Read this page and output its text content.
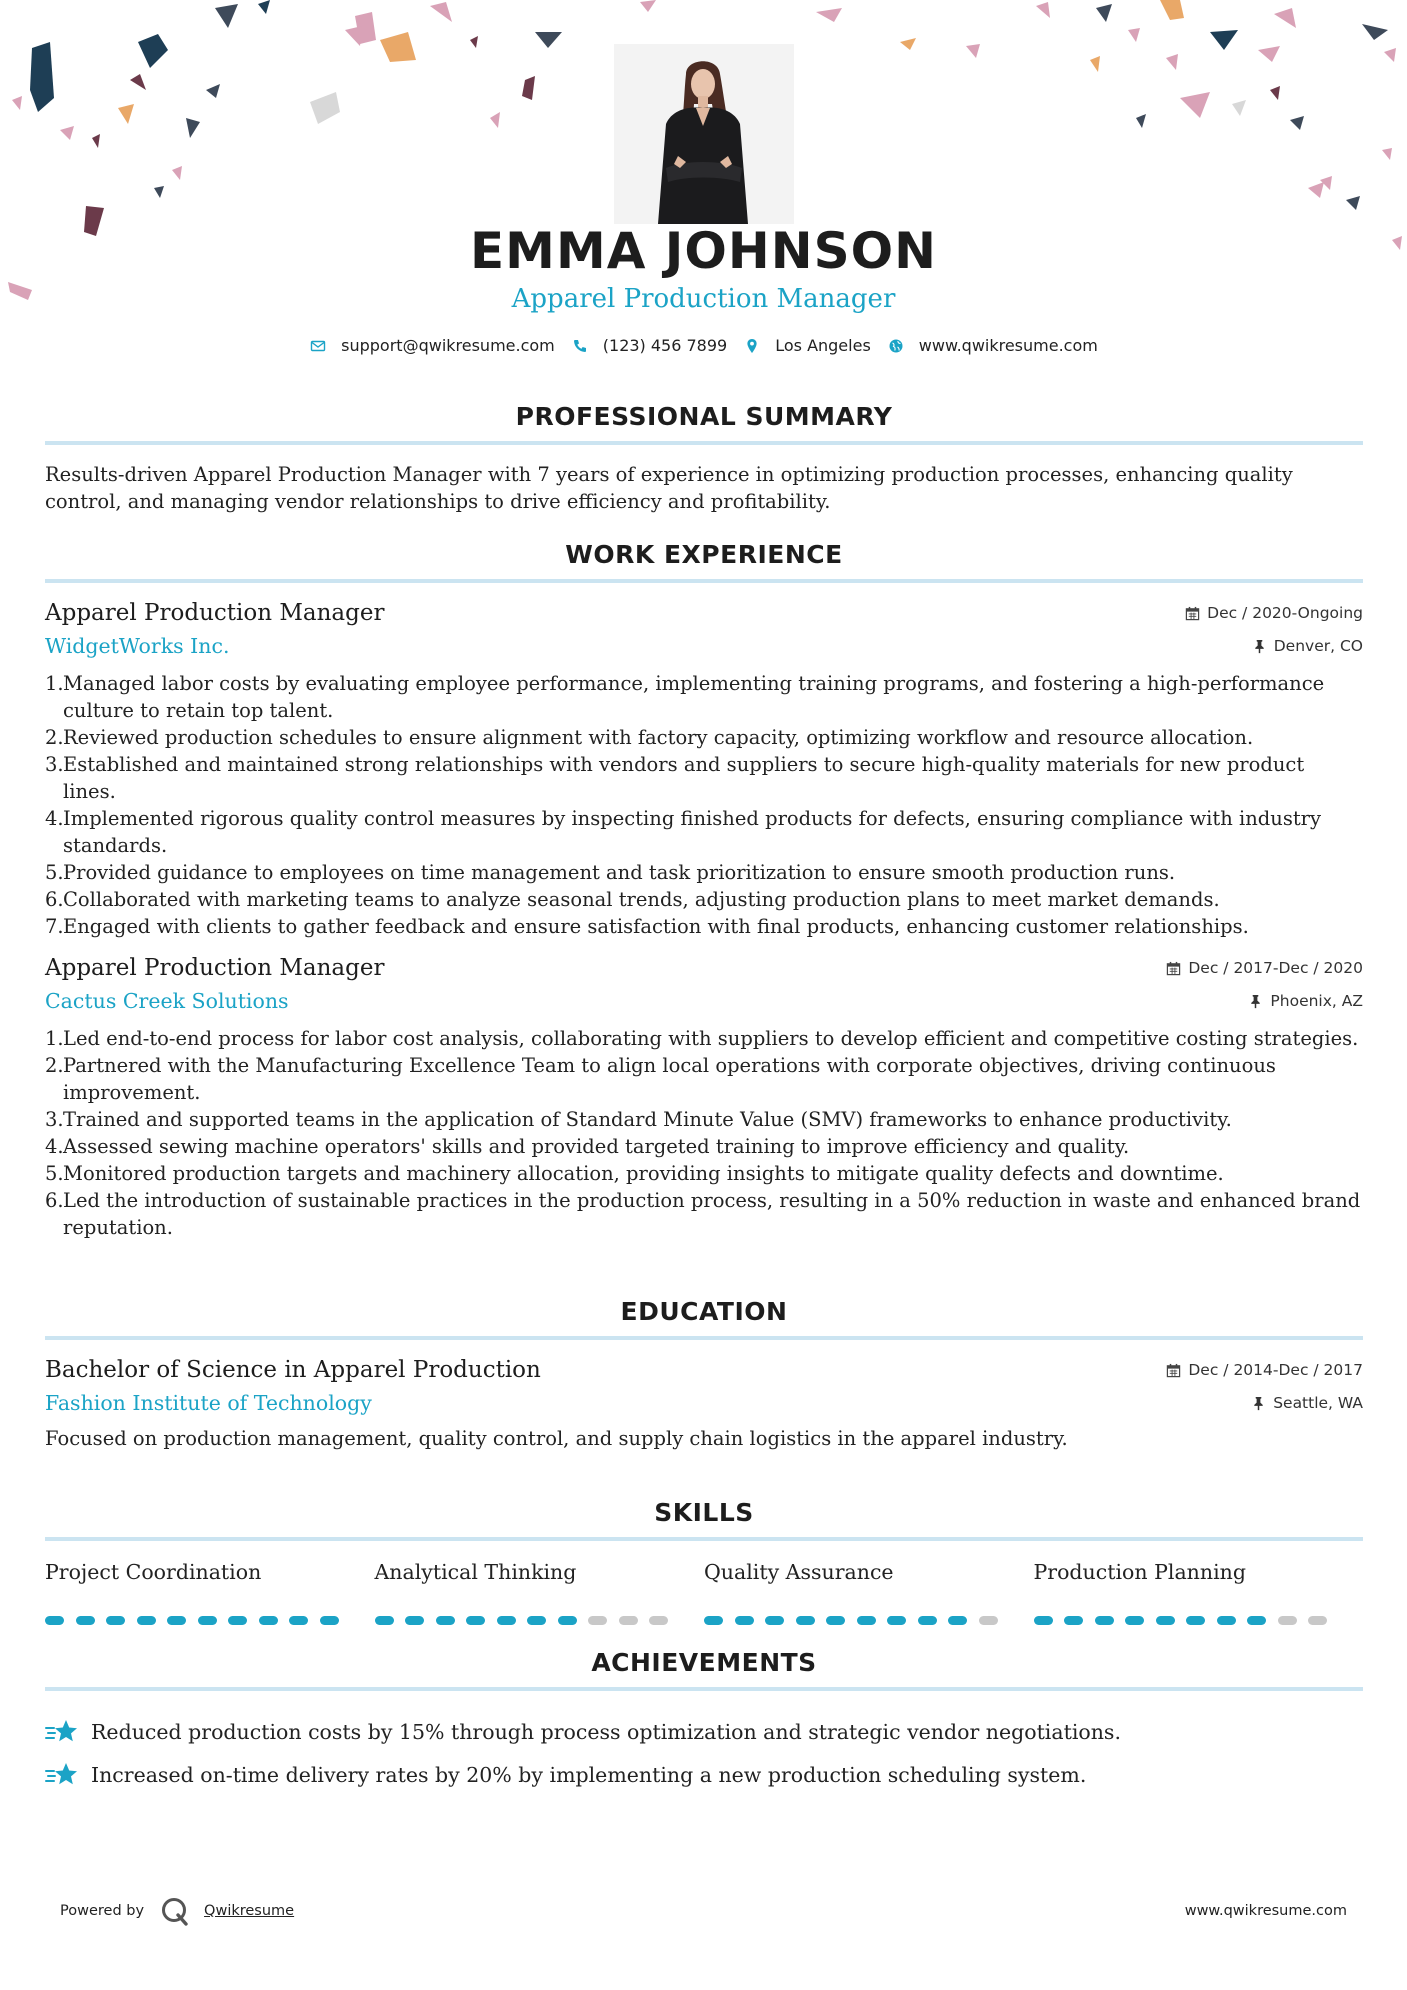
EMMA JOHNSON
Apparel Production Manager
support@qwikresume.com	(123) 456 7899	Los Angeles	www.qwikresume.com
PROFESSIONAL SUMMARY

Results-driven Apparel Production Manager with 7 years of experience in optimizing production processes, enhancing quality control, and managing vendor relationships to drive efficiency and profitability.

WORK EXPERIENCE
Apparel Production Manager	Dec / 2020-Ongoing
WidgetWorks Inc.	Denver, CO
1. Managed labor costs by evaluating employee performance, implementing training programs, and fostering a high-performance culture to retain top talent.
2. Reviewed production schedules to ensure alignment with factory capacity, optimizing workflow and resource allocation.
3. Established and maintained strong relationships with vendors and suppliers to secure high-quality materials for new product lines.
4. Implemented rigorous quality control measures by inspecting finished products for defects, ensuring compliance with industry standards.
5. Provided guidance to employees on time management and task prioritization to ensure smooth production runs.
6. Collaborated with marketing teams to analyze seasonal trends, adjusting production plans to meet market demands.
7. Engaged with clients to gather feedback and ensure satisfaction with final products, enhancing customer relationships.
Apparel Production Manager	Dec / 2017-Dec / 2020
Cactus Creek Solutions	Phoenix, AZ
1. Led end-to-end process for labor cost analysis, collaborating with suppliers to develop efficient and competitive costing strategies.
2. Partnered with the Manufacturing Excellence Team to align local operations with corporate objectives, driving continuous improvement.
3. Trained and supported teams in the application of Standard Minute Value (SMV) frameworks to enhance productivity.
4. Assessed sewing machine operators' skills and provided targeted training to improve efficiency and quality.
5. Monitored production targets and machinery allocation, providing insights to mitigate quality defects and downtime.
6. Led the introduction of sustainable practices in the production process, resulting in a 50% reduction in waste and enhanced brand reputation.
EDUCATION
Bachelor of Science in Apparel Production	Dec / 2014-Dec / 2017
Fashion Institute of Technology	Seattle, WA

Focused on production management, quality control, and supply chain logistics in the apparel industry.

SKILLS
Project Coordination	Analytical Thinking	Quality Assurance	Production Planning
ACHIEVEMENTS
Reduced production costs by 15% through process optimization and strategic vendor negotiations.
Increased on-time delivery rates by 20% by implementing a new production scheduling system.
Powered by	Qwikresume	www.qwikresume.com
